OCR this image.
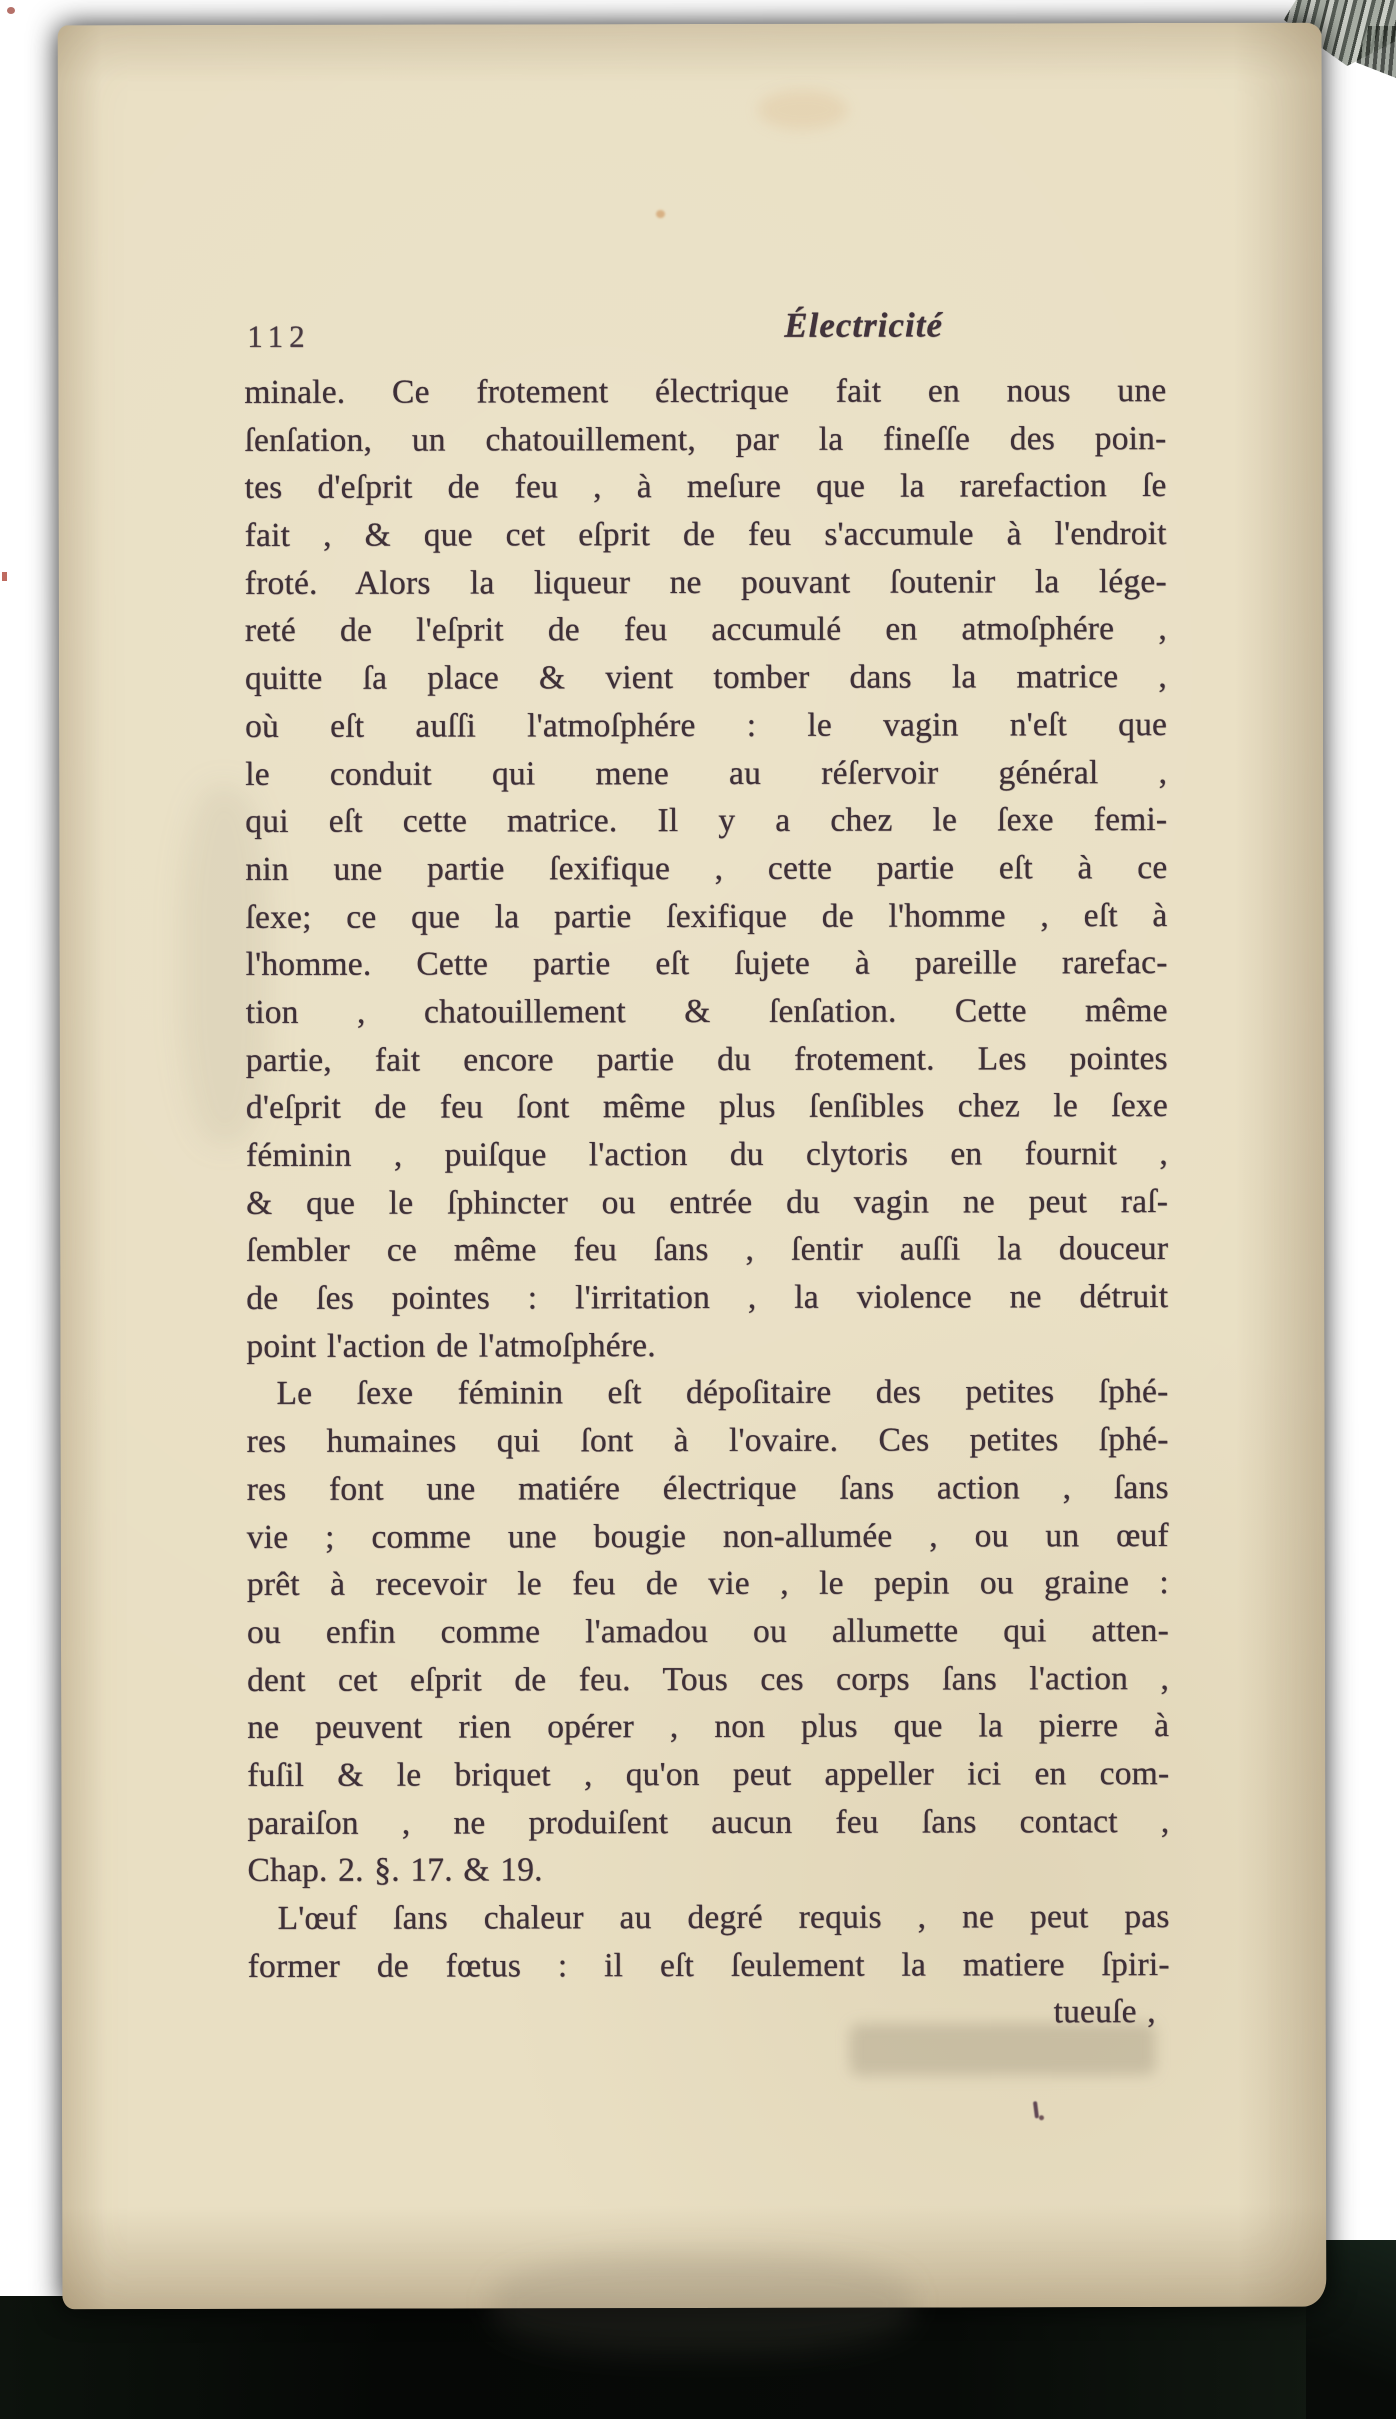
112	Électricité
minale. Ce frotement électrique fait en nous une
ſenſation, un chatouillement, par la fineſſe des poin-
tes d'eſprit de feu , à meſure que la rarefaction ſe
fait , & que cet eſprit de feu s'accumule à l'endroit
froté. Alors la liqueur ne pouvant ſoutenir la lége-
reté de l'eſprit de feu accumulé en atmoſphére ,
quitte ſa place & vient tomber dans la matrice ,
où eſt auſſi l'atmoſphére : le vagin n'eſt que
le conduit qui mene au réſervoir général ,
qui eſt cette matrice. Il y a chez le ſexe femi-
nin une partie ſexifique , cette partie eſt à ce
ſexe; ce que la partie ſexifique de l'homme , eſt à
l'homme. Cette partie eſt ſujete à pareille rarefac-
tion , chatouillement & ſenſation. Cette même
partie, fait encore partie du frotement. Les pointes
d'eſprit de feu ſont même plus ſenſibles chez le ſexe
féminin , puiſque l'action du clytoris en fournit ,
& que le ſphincter ou entrée du vagin ne peut raſ-
ſembler ce même feu ſans , ſentir auſſi la douceur
de ſes pointes : l'irritation , la violence ne détruit
point l'action de l'atmoſphére.
Le ſexe féminin eſt dépoſitaire des petites ſphé-
res humaines qui ſont à l'ovaire. Ces petites ſphé-
res font une matiére électrique ſans action , ſans
vie ; comme une bougie non-allumée , ou un œuf
prêt à recevoir le feu de vie , le pepin ou graine :
ou enfin comme l'amadou ou allumette qui atten-
dent cet eſprit de feu. Tous ces corps ſans l'action ,
ne peuvent rien opérer , non plus que la pierre à
fuſil & le briquet , qu'on peut appeller ici en com-
paraiſon , ne produiſent aucun feu ſans contact ,
Chap. 2. §. 17. & 19.
L'œuf ſans chaleur au degré requis , ne peut pas
former de fœtus : il eſt ſeulement la matiere ſpiri-
tueuſe ,
